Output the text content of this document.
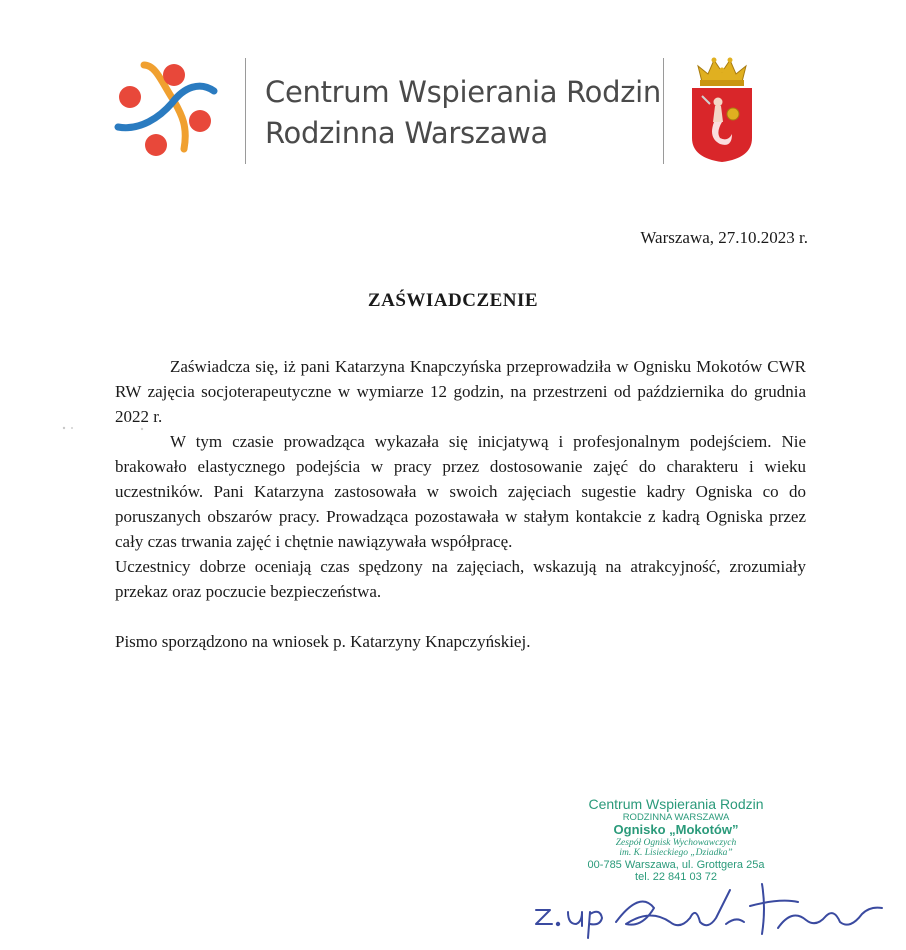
Centrum Wspierania Rodzin
Rodzinna Warszawa
Warszawa, 27.10.2023 r.
ZAŚWIADCZENIE

Zaświadcza się, iż pani Katarzyna Knapczyńska przeprowadziła w Ognisku Mokotów CWR RW zajęcia socjoterapeutyczne w wymiarze 12 godzin, na przestrzeni od października do grudnia 2022 r.

W tym czasie prowadząca wykazała się inicjatywą i profesjonalnym podejściem. Nie brakowało elastycznego podejścia w pracy przez dostosowanie zajęć do charakteru i wieku uczestników. Pani Katarzyna zastosowała w swoich zajęciach sugestie kadry Ogniska co do poruszanych obszarów pracy. Prowadząca pozostawała w stałym kontakcie z kadrą Ogniska przez cały czas trwania zajęć i chętnie nawiązywała współpracę.

Uczestnicy dobrze oceniają czas spędzony na zajęciach, wskazują na atrakcyjność, zrozumiały przekaz oraz poczucie bezpieczeństwa.

Pismo sporządzono na wniosek p. Katarzyny Knapczyńskiej.

Centrum Wspierania Rodzin
RODZINNA WARSZAWA
Ognisko „Mokotów”
Zespół Ognisk Wychowawczych
im. K. Lisieckiego „Dziadka”
00-785 Warszawa, ul. Grottgera 25a
tel. 22 841 03 72
